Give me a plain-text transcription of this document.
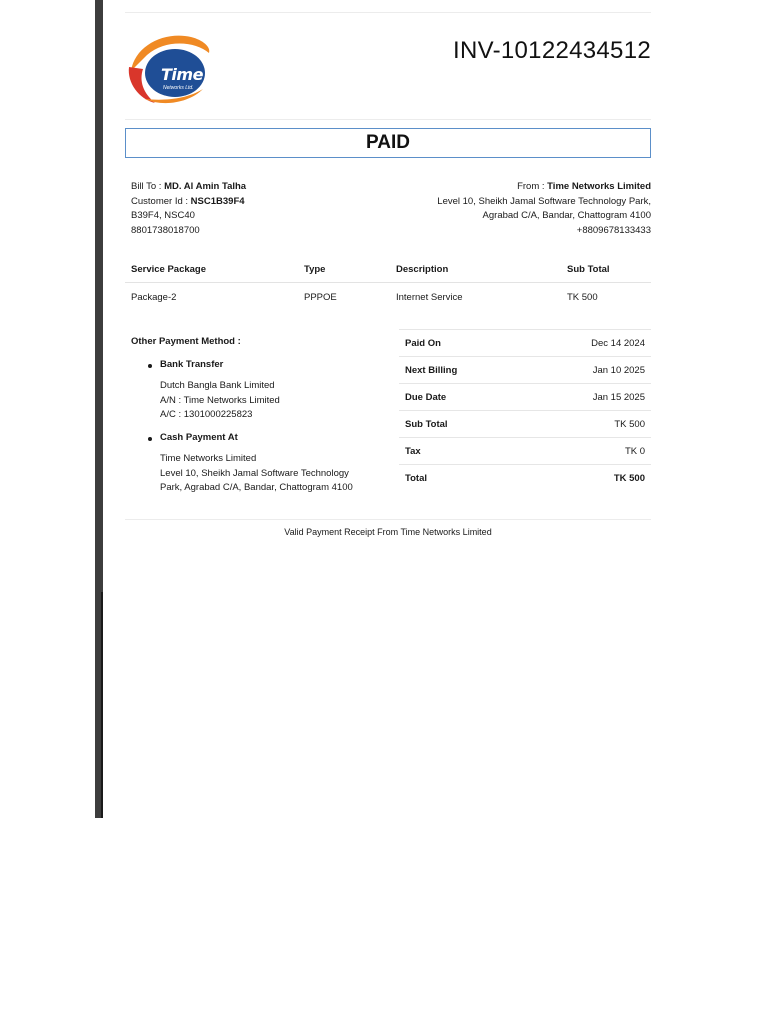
Time
Networks Ltd.
INV-10122434512
PAID
Bill To : MD. Al Amin Talha
Customer Id : NSC1B39F4
B39F4, NSC40
8801738018700
From : Time Networks Limited
Level 10, Sheikh Jamal Software Technology Park,
Agrabad C/A, Bandar, Chattogram 4100
+8809678133433
Service Package	Type	Description	Sub Total
Package-2	PPPOE	Internet Service	TK 500
Other Payment Method :
Bank Transfer
Dutch Bangla Bank Limited
A/N : Time Networks Limited
A/C : 1301000225823
Cash Payment At
Time Networks Limited
Level 10, Sheikh Jamal Software Technology
Park, Agrabad C/A, Bandar, Chattogram 4100
Paid On	Dec 14 2024
Next Billing	Jan 10 2025
Due Date	Jan 15 2025
Sub Total	TK 500
Tax	TK 0
Total	TK 500
Valid Payment Receipt From Time Networks Limited
